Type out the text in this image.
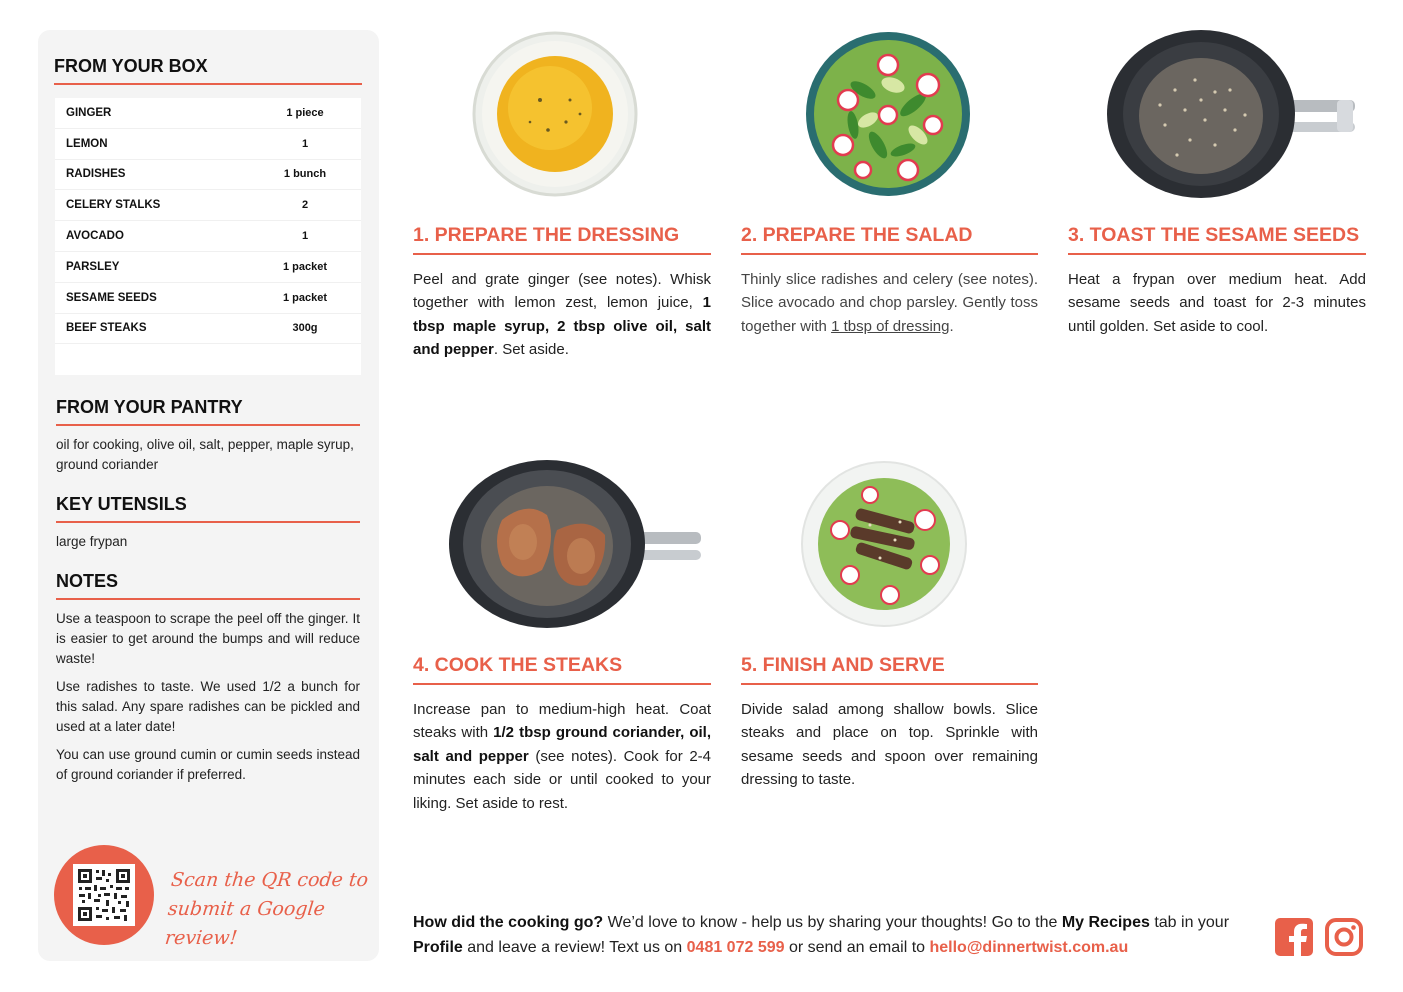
FROM YOUR BOX
GINGER	1 piece
LEMON	1
RADISHES	1 bunch
CELERY STALKS	2
AVOCADO	1
PARSLEY	1 packet
SESAME SEEDS	1 packet
BEEF STEAKS	300g
FROM YOUR PANTRY
oil for cooking, olive oil, salt, pepper, maple syrup, ground coriander
KEY UTENSILS
large frypan
NOTES

Use a teaspoon to scrape the peel off the ginger. It is easier to get around the bumps and will reduce waste!

Use radishes to taste. We used 1/2 a bunch for this salad. Any spare radishes can be pickled and used at a later date!

You can use ground cumin or cumin seeds instead of ground coriander if preferred.

Scan the QR code to
submit a Google review!
1. PREPARE THE DRESSING

Peel and grate ginger (see notes). Whisk together with lemon zest, lemon juice, 1 tbsp maple syrup, 2 tbsp olive oil, salt and pepper. Set aside.

2. PREPARE THE SALAD

Thinly slice radishes and celery (see notes). Slice avocado and chop parsley. Gently toss together with 1 tbsp of dressing.

3. TOAST THE SESAME SEEDS

Heat a frypan over medium heat. Add sesame seeds and toast for 2-3 minutes until golden. Set aside to cool.

4. COOK THE STEAKS

Increase pan to medium-high heat. Coat steaks with 1/2 tbsp ground coriander, oil, salt and pepper (see notes). Cook for 2-4 minutes each side or until cooked to your liking. Set aside to rest.

5. FINISH AND SERVE

Divide salad among shallow bowls. Slice steaks and place on top. Sprinkle with sesame seeds and spoon over remaining dressing to taste.

How did the cooking go? We’d love to know - help us by sharing your thoughts! Go to the My Recipes tab in your Profile and leave a review! Text us on 0481 072 599 or send an email to hello@dinnertwist.com.au
